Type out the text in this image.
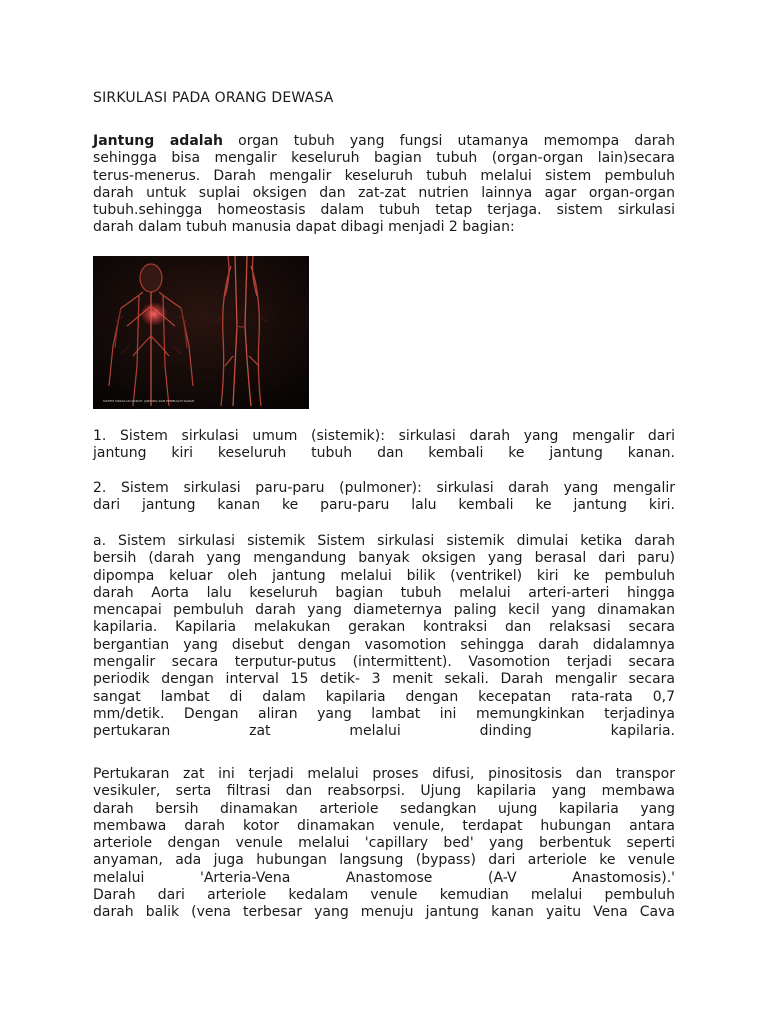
SIRKULASI PADA ORANG DEWASA
Jantung adalah organ tubuh yang fungsi utamanya memompa darah
sehingga bisa mengalir keseluruh bagian tubuh (organ-organ lain)secara
terus-menerus. Darah mengalir keseluruh tubuh melalui sistem pembuluh
darah untuk suplai oksigen dan zat-zat nutrien lainnya agar organ-organ
tubuh.sehingga homeostasis dalam tubuh tetap terjaga. sistem sirkulasi
darah dalam tubuh manusia dapat dibagi menjadi 2 bagian:
SISTEM SIRKULASI DARAH: JANTUNG DAN PEMBULUH DARAH
1. Sistem sirkulasi umum (sistemik): sirkulasi darah yang mengalir dari
jantung kiri keseluruh tubuh dan kembali ke jantung kanan.
2. Sistem sirkulasi paru-paru (pulmoner): sirkulasi darah yang mengalir
dari jantung kanan ke paru-paru lalu kembali ke jantung kiri.
a. Sistem sirkulasi sistemik Sistem sirkulasi sistemik dimulai ketika darah
bersih (darah yang mengandung banyak oksigen yang berasal dari paru)
dipompa keluar oleh jantung melalui bilik (ventrikel) kiri ke pembuluh
darah Aorta lalu keseluruh bagian tubuh melalui arteri-arteri hingga
mencapai pembuluh darah yang diameternya paling kecil yang dinamakan
kapilaria. Kapilaria melakukan gerakan kontraksi dan relaksasi secara
bergantian yang disebut dengan vasomotion sehingga darah didalamnya
mengalir secara terputur-putus (intermittent). Vasomotion terjadi secara
periodik dengan interval 15 detik- 3 menit sekali. Darah mengalir secara
sangat lambat di dalam kapilaria dengan kecepatan rata-rata 0,7
mm/detik. Dengan aliran yang lambat ini memungkinkan terjadinya
pertukaran zat melalui dinding kapilaria.
Pertukaran zat ini terjadi melalui proses difusi, pinositosis dan transpor
vesikuler, serta filtrasi dan reabsorpsi. Ujung kapilaria yang membawa
darah bersih dinamakan arteriole sedangkan ujung kapilaria yang
membawa darah kotor dinamakan venule, terdapat hubungan antara
arteriole dengan venule melalui 'capillary bed' yang berbentuk seperti
anyaman, ada juga hubungan langsung (bypass) dari arteriole ke venule
melalui 'Arteria-Vena Anastomose (A-V Anastomosis).'
Darah dari arteriole kedalam venule kemudian melalui pembuluh
darah balik (vena terbesar yang menuju jantung kanan yaitu Vena Cava
